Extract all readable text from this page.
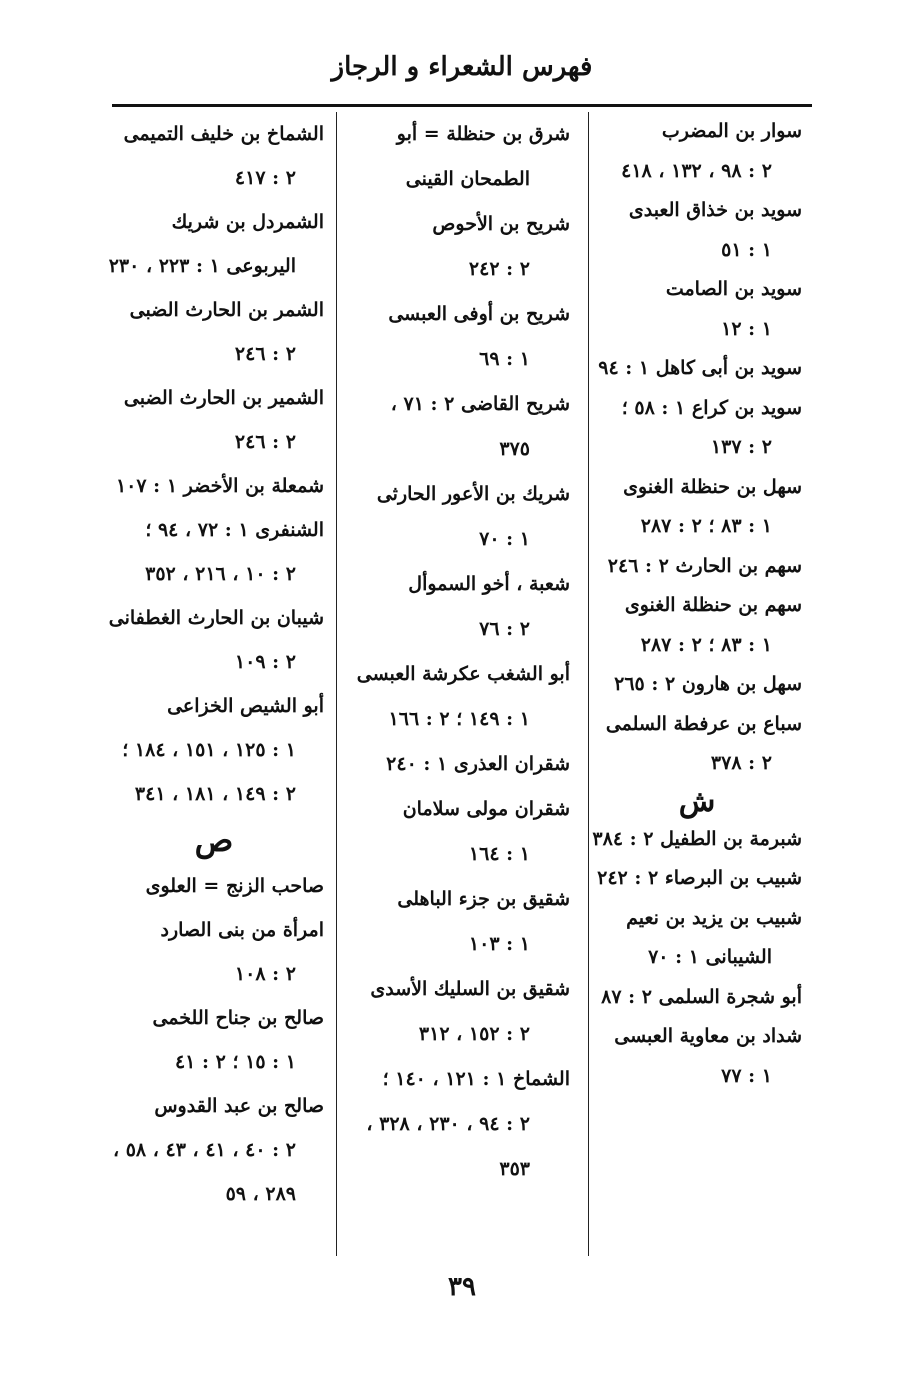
فهرس الشعراء و الرجاز
سوار بن المضرب
٢ : ٩٨ ، ١٣٢ ، ٤١٨
سويد بن خذاق العبدى
١ : ٥١
سويد بن الصامت
١ : ١٢
سويد بن أبى كاهل ١ : ٩٤
سويد بن كراع ١ : ٥٨ ؛
٢ : ١٣٧
سهل بن حنظلة الغنوى
١ : ٨٣ ؛ ٢ : ٢٨٧
سهم بن الحارث ٢ : ٢٤٦
سهم بن حنظلة الغنوى
١ : ٨٣ ؛ ٢ : ٢٨٧
سهل بن هارون ٢ : ٢٦٥
سباع بن عرفطة السلمى
٢ : ٣٧٨
ش
شبرمة بن الطفيل ٢ : ٣٨٤
شبيب بن البرصاء ٢ : ٢٤٢
شبيب بن يزيد بن نعيم
الشيبانى ١ : ٧٠
أبو شجرة السلمى ٢ : ٨٧
شداد بن معاوية العبسى
١ : ٧٧
شرق بن حنظلة = أبو
الطمحان القينى
شريح بن الأحوص
٢ : ٢٤٢
شريح بن أوفى العبسى
١ : ٦٩
شريح القاضى ٢ : ٧١ ،
٣٧٥
شريك بن الأعور الحارثى
١ : ٧٠
شعبة ، أخو السموأل
٢ : ٧٦
أبو الشغب عكرشة العبسى
١ : ١٤٩ ؛ ٢ : ١٦٦
شقران العذرى ١ : ٢٤٠
شقران مولى سلامان
١ : ١٦٤
شقيق بن جزء الباهلى
١ : ١٠٣
شقيق بن السليك الأسدى
٢ : ١٥٢ ، ٣١٢
الشماخ ١ : ١٢١ ، ١٤٠ ؛
٢ : ٩٤ ، ٢٣٠ ، ٣٢٨ ،
٣٥٣
الشماخ بن خليف التميمى
٢ : ٤١٧
الشمردل بن شريك
اليربوعى ١ : ٢٢٣ ، ٢٣٠
الشمر بن الحارث الضبى
٢ : ٢٤٦
الشمير بن الحارث الضبى
٢ : ٢٤٦
شمعلة بن الأخضر ١ : ١٠٧
الشنفرى ١ : ٧٢ ، ٩٤ ؛
٢ : ١٠ ، ٢١٦ ، ٣٥٢
شيبان بن الحارث الغطفانى
٢ : ١٠٩
أبو الشيص الخزاعى
١ : ١٢٥ ، ١٥١ ، ١٨٤ ؛
٢ : ١٤٩ ، ١٨١ ، ٣٤١
ص
صاحب الزنج = العلوى
امرأة من بنى الصارد
٢ : ١٠٨
صالح بن جناح اللخمى
١ : ١٥ ؛ ٢ : ٤١
صالح بن عبد القدوس
٢ : ٤٠ ، ٤١ ، ٤٣ ، ٥٨ ،
٢٨٩ ، ٥٩
٣٩
